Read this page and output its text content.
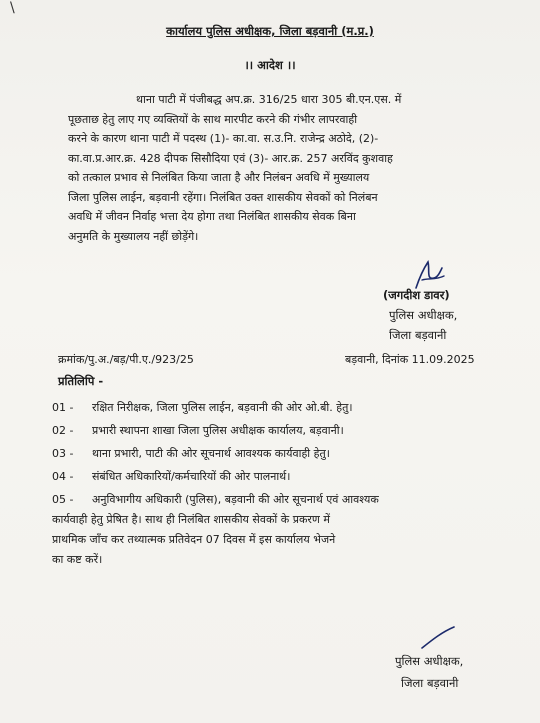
\
कार्यालय पुलिस अधीक्षक, जिला बड़वानी (म.प्र.)
।। आदेश ।।
थाना पाटी में पंजीबद्ध अप.क्र. 316/25 धारा 305 बी.एन.एस. में
पूछताछ हेतु लाए गए व्यक्तियों के साथ मारपीट करने की गंभीर लापरवाही
करने के कारण थाना पाटी में पदस्थ (1)- का.वा. स.उ.नि. राजेन्द्र अठोदे, (2)-
का.वा.प्र.आर.क्र. 428 दीपक सिसौदिया एवं (3)- आर.क्र. 257 अरविंद कुशवाह
को तत्काल प्रभाव से निलंबित किया जाता है और निलंबन अवधि में मुख्यालय
जिला पुलिस लाईन, बड़वानी रहेंगा। निलंबित उक्त शासकीय सेवकों को निलंबन
अवधि में जीवन निर्वाह भत्ता देय होगा तथा निलंबित शासकीय सेवक बिना
अनुमति के मुख्यालय नहीं छोड़ेंगे।
(जगदीश डावर)
पुलिस अधीक्षक,
जिला बड़वानी
क्रमांक/पु.अ./बड़/पी.ए./923/25	बड़वानी, दिनांक 11.09.2025
प्रतिलिपि -
01 -	रक्षित निरीक्षक, जिला पुलिस लाईन, बड़वानी की ओर ओ.बी. हेतु।
02 -	प्रभारी स्थापना शाखा जिला पुलिस अधीक्षक कार्यालय, बड़वानी।
03 -	थाना प्रभारी, पाटी की ओर सूचनार्थ आवश्यक कार्यवाही हेतु।
04 -	संबंधित अधिकारियों/कर्मचारियों की ओर पालनार्थ।
05 -	अनुविभागीय अधिकारी (पुलिस), बड़वानी की ओर सूचनार्थ एवं आवश्यक
कार्यवाही हेतु प्रेषित है। साथ ही निलंबित शासकीय सेवकों के प्रकरण में
प्राथमिक जाँच कर तथ्यात्मक प्रतिवेदन 07 दिवस में इस कार्यालय भेजने
का कष्ट करें।
पुलिस अधीक्षक,
जिला बड़वानी
